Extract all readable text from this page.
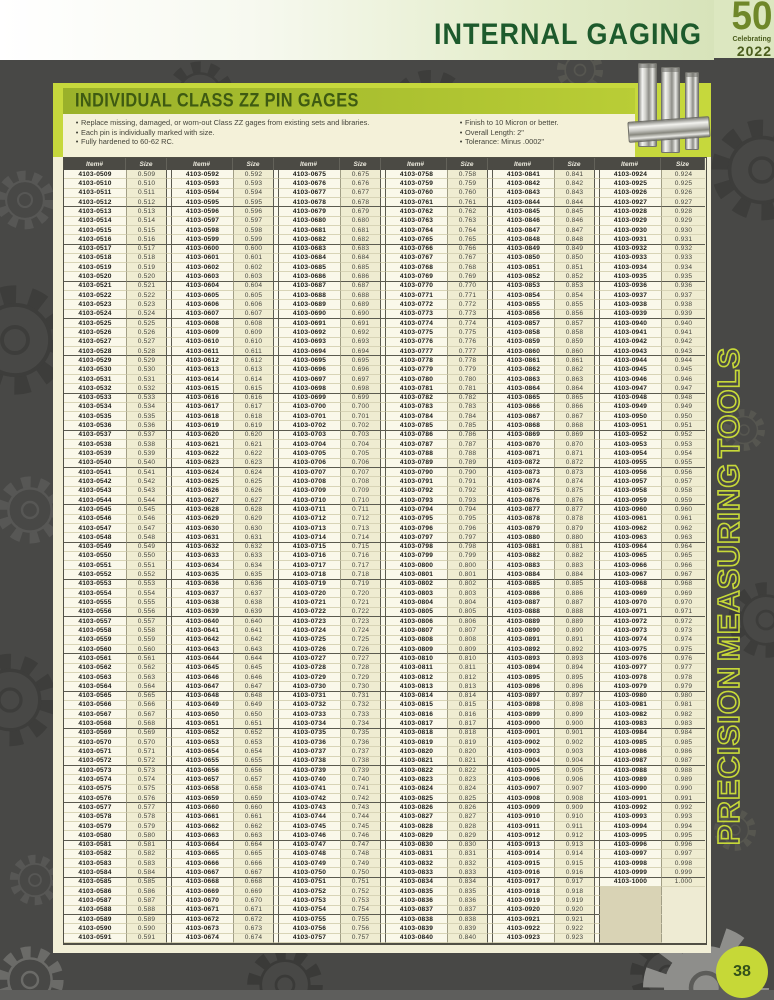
INTERNAL GAGING 50
Celebrating
2022
INDIVIDUAL CLASS ZZ PIN GAGES
• Replace missing, damaged, or worn-out Class ZZ gages from existing sets and libraries.
• Each pin is individually marked with size.
• Fully hardened to 60-62 RC.
• Finish to 10 Micron or better.
• Overall Length: 2"
• Tolerance: Minus .0002"
Item#	Size	Item#	Size	Item#	Size	Item#	Size	Item#	Size	Item#	Size
4103-0509	0.509	4103-0592	0.592	4103-0675	0.675	4103-0758	0.758	4103-0841	0.841	4103-0924	0.924
4103-0510	0.510	4103-0593	0.593	4103-0676	0.676	4103-0759	0.759	4103-0842	0.842	4103-0925	0.925
4103-0511	0.511	4103-0594	0.594	4103-0677	0.677	4103-0760	0.760	4103-0843	0.843	4103-0926	0.926
4103-0512	0.512	4103-0595	0.595	4103-0678	0.678	4103-0761	0.761	4103-0844	0.844	4103-0927	0.927
4103-0513	0.513	4103-0596	0.596	4103-0679	0.679	4103-0762	0.762	4103-0845	0.845	4103-0928	0.928
4103-0514	0.514	4103-0597	0.597	4103-0680	0.680	4103-0763	0.763	4103-0846	0.846	4103-0929	0.929
4103-0515	0.515	4103-0598	0.598	4103-0681	0.681	4103-0764	0.764	4103-0847	0.847	4103-0930	0.930
4103-0516	0.516	4103-0599	0.599	4103-0682	0.682	4103-0765	0.765	4103-0848	0.848	4103-0931	0.931
4103-0517	0.517	4103-0600	0.600	4103-0683	0.683	4103-0766	0.766	4103-0849	0.849	4103-0932	0.932
4103-0518	0.518	4103-0601	0.601	4103-0684	0.684	4103-0767	0.767	4103-0850	0.850	4103-0933	0.933
4103-0519	0.519	4103-0602	0.602	4103-0685	0.685	4103-0768	0.768	4103-0851	0.851	4103-0934	0.934
4103-0520	0.520	4103-0603	0.603	4103-0686	0.686	4103-0769	0.769	4103-0852	0.852	4103-0935	0.935
4103-0521	0.521	4103-0604	0.604	4103-0687	0.687	4103-0770	0.770	4103-0853	0.853	4103-0936	0.936
4103-0522	0.522	4103-0605	0.605	4103-0688	0.688	4103-0771	0.771	4103-0854	0.854	4103-0937	0.937
4103-0523	0.523	4103-0606	0.606	4103-0689	0.689	4103-0772	0.772	4103-0855	0.855	4103-0938	0.938
4103-0524	0.524	4103-0607	0.607	4103-0690	0.690	4103-0773	0.773	4103-0856	0.856	4103-0939	0.939
4103-0525	0.525	4103-0608	0.608	4103-0691	0.691	4103-0774	0.774	4103-0857	0.857	4103-0940	0.940
4103-0526	0.526	4103-0609	0.609	4103-0692	0.692	4103-0775	0.775	4103-0858	0.858	4103-0941	0.941
4103-0527	0.527	4103-0610	0.610	4103-0693	0.693	4103-0776	0.776	4103-0859	0.859	4103-0942	0.942
4103-0528	0.528	4103-0611	0.611	4103-0694	0.694	4103-0777	0.777	4103-0860	0.860	4103-0943	0.943
4103-0529	0.529	4103-0612	0.612	4103-0695	0.695	4103-0778	0.778	4103-0861	0.861	4103-0944	0.944
4103-0530	0.530	4103-0613	0.613	4103-0696	0.696	4103-0779	0.779	4103-0862	0.862	4103-0945	0.945
4103-0531	0.531	4103-0614	0.614	4103-0697	0.697	4103-0780	0.780	4103-0863	0.863	4103-0946	0.946
4103-0532	0.532	4103-0615	0.615	4103-0698	0.698	4103-0781	0.781	4103-0864	0.864	4103-0947	0.947
4103-0533	0.533	4103-0616	0.616	4103-0699	0.699	4103-0782	0.782	4103-0865	0.865	4103-0948	0.948
4103-0534	0.534	4103-0617	0.617	4103-0700	0.700	4103-0783	0.783	4103-0866	0.866	4103-0949	0.949
4103-0535	0.535	4103-0618	0.618	4103-0701	0.701	4103-0784	0.784	4103-0867	0.867	4103-0950	0.950
4103-0536	0.536	4103-0619	0.619	4103-0702	0.702	4103-0785	0.785	4103-0868	0.868	4103-0951	0.951
4103-0537	0.537	4103-0620	0.620	4103-0703	0.703	4103-0786	0.786	4103-0869	0.869	4103-0952	0.952
4103-0538	0.538	4103-0621	0.621	4103-0704	0.704	4103-0787	0.787	4103-0870	0.870	4103-0953	0.953
4103-0539	0.539	4103-0622	0.622	4103-0705	0.705	4103-0788	0.788	4103-0871	0.871	4103-0954	0.954
4103-0540	0.540	4103-0623	0.623	4103-0706	0.706	4103-0789	0.789	4103-0872	0.872	4103-0955	0.955
4103-0541	0.541	4103-0624	0.624	4103-0707	0.707	4103-0790	0.790	4103-0873	0.873	4103-0956	0.956
4103-0542	0.542	4103-0625	0.625	4103-0708	0.708	4103-0791	0.791	4103-0874	0.874	4103-0957	0.957
4103-0543	0.543	4103-0626	0.626	4103-0709	0.709	4103-0792	0.792	4103-0875	0.875	4103-0958	0.958
4103-0544	0.544	4103-0627	0.627	4103-0710	0.710	4103-0793	0.793	4103-0876	0.876	4103-0959	0.959
4103-0545	0.545	4103-0628	0.628	4103-0711	0.711	4103-0794	0.794	4103-0877	0.877	4103-0960	0.960
4103-0546	0.546	4103-0629	0.629	4103-0712	0.712	4103-0795	0.795	4103-0878	0.878	4103-0961	0.961
4103-0547	0.547	4103-0630	0.630	4103-0713	0.713	4103-0796	0.796	4103-0879	0.879	4103-0962	0.962
4103-0548	0.548	4103-0631	0.631	4103-0714	0.714	4103-0797	0.797	4103-0880	0.880	4103-0963	0.963
4103-0549	0.549	4103-0632	0.632	4103-0715	0.715	4103-0798	0.798	4103-0881	0.881	4103-0964	0.964
4103-0550	0.550	4103-0633	0.633	4103-0716	0.716	4103-0799	0.799	4103-0882	0.882	4103-0965	0.965
4103-0551	0.551	4103-0634	0.634	4103-0717	0.717	4103-0800	0.800	4103-0883	0.883	4103-0966	0.966
4103-0552	0.552	4103-0635	0.635	4103-0718	0.718	4103-0801	0.801	4103-0884	0.884	4103-0967	0.967
4103-0553	0.553	4103-0636	0.636	4103-0719	0.719	4103-0802	0.802	4103-0885	0.885	4103-0968	0.968
4103-0554	0.554	4103-0637	0.637	4103-0720	0.720	4103-0803	0.803	4103-0886	0.886	4103-0969	0.969
4103-0555	0.555	4103-0638	0.638	4103-0721	0.721	4103-0804	0.804	4103-0887	0.887	4103-0970	0.970
4103-0556	0.556	4103-0639	0.639	4103-0722	0.722	4103-0805	0.805	4103-0888	0.888	4103-0971	0.971
4103-0557	0.557	4103-0640	0.640	4103-0723	0.723	4103-0806	0.806	4103-0889	0.889	4103-0972	0.972
4103-0558	0.558	4103-0641	0.641	4103-0724	0.724	4103-0807	0.807	4103-0890	0.890	4103-0973	0.973
4103-0559	0.559	4103-0642	0.642	4103-0725	0.725	4103-0808	0.808	4103-0891	0.891	4103-0974	0.974
4103-0560	0.560	4103-0643	0.643	4103-0726	0.726	4103-0809	0.809	4103-0892	0.892	4103-0975	0.975
4103-0561	0.561	4103-0644	0.644	4103-0727	0.727	4103-0810	0.810	4103-0893	0.893	4103-0976	0.976
4103-0562	0.562	4103-0645	0.645	4103-0728	0.728	4103-0811	0.811	4103-0894	0.894	4103-0977	0.977
4103-0563	0.563	4103-0646	0.646	4103-0729	0.729	4103-0812	0.812	4103-0895	0.895	4103-0978	0.978
4103-0564	0.564	4103-0647	0.647	4103-0730	0.730	4103-0813	0.813	4103-0896	0.896	4103-0979	0.979
4103-0565	0.565	4103-0648	0.648	4103-0731	0.731	4103-0814	0.814	4103-0897	0.897	4103-0980	0.980
4103-0566	0.566	4103-0649	0.649	4103-0732	0.732	4103-0815	0.815	4103-0898	0.898	4103-0981	0.981
4103-0567	0.567	4103-0650	0.650	4103-0733	0.733	4103-0816	0.816	4103-0899	0.899	4103-0982	0.982
4103-0568	0.568	4103-0651	0.651	4103-0734	0.734	4103-0817	0.817	4103-0900	0.900	4103-0983	0.983
4103-0569	0.569	4103-0652	0.652	4103-0735	0.735	4103-0818	0.818	4103-0901	0.901	4103-0984	0.984
4103-0570	0.570	4103-0653	0.653	4103-0736	0.736	4103-0819	0.819	4103-0902	0.902	4103-0985	0.985
4103-0571	0.571	4103-0654	0.654	4103-0737	0.737	4103-0820	0.820	4103-0903	0.903	4103-0986	0.986
4103-0572	0.572	4103-0655	0.655	4103-0738	0.738	4103-0821	0.821	4103-0904	0.904	4103-0987	0.987
4103-0573	0.573	4103-0656	0.656	4103-0739	0.739	4103-0822	0.822	4103-0905	0.905	4103-0988	0.988
4103-0574	0.574	4103-0657	0.657	4103-0740	0.740	4103-0823	0.823	4103-0906	0.906	4103-0989	0.989
4103-0575	0.575	4103-0658	0.658	4103-0741	0.741	4103-0824	0.824	4103-0907	0.907	4103-0990	0.990
4103-0576	0.576	4103-0659	0.659	4103-0742	0.742	4103-0825	0.825	4103-0908	0.908	4103-0991	0.991
4103-0577	0.577	4103-0660	0.660	4103-0743	0.743	4103-0826	0.826	4103-0909	0.909	4103-0992	0.992
4103-0578	0.578	4103-0661	0.661	4103-0744	0.744	4103-0827	0.827	4103-0910	0.910	4103-0993	0.993
4103-0579	0.579	4103-0662	0.662	4103-0745	0.745	4103-0828	0.828	4103-0911	0.911	4103-0994	0.994
4103-0580	0.580	4103-0663	0.663	4103-0746	0.746	4103-0829	0.829	4103-0912	0.912	4103-0995	0.995
4103-0581	0.581	4103-0664	0.664	4103-0747	0.747	4103-0830	0.830	4103-0913	0.913	4103-0996	0.996
4103-0582	0.582	4103-0665	0.665	4103-0748	0.748	4103-0831	0.831	4103-0914	0.914	4103-0997	0.997
4103-0583	0.583	4103-0666	0.666	4103-0749	0.749	4103-0832	0.832	4103-0915	0.915	4103-0998	0.998
4103-0584	0.584	4103-0667	0.667	4103-0750	0.750	4103-0833	0.833	4103-0916	0.916	4103-0999	0.999
4103-0585	0.585	4103-0668	0.668	4103-0751	0.751	4103-0834	0.834	4103-0917	0.917	4103-1000	1.000
4103-0586	0.586	4103-0669	0.669	4103-0752	0.752	4103-0835	0.835	4103-0918	0.918
4103-0587	0.587	4103-0670	0.670	4103-0753	0.753	4103-0836	0.836	4103-0919	0.919
4103-0588	0.588	4103-0671	0.671	4103-0754	0.754	4103-0837	0.837	4103-0920	0.920
4103-0589	0.589	4103-0672	0.672	4103-0755	0.755	4103-0838	0.838	4103-0921	0.921
4103-0590	0.590	4103-0673	0.673	4103-0756	0.756	4103-0839	0.839	4103-0922	0.922
4103-0591	0.591	4103-0674	0.674	4103-0757	0.757	4103-0840	0.840	4103-0923	0.923
PRECISION MEASURING TOOLS
38
